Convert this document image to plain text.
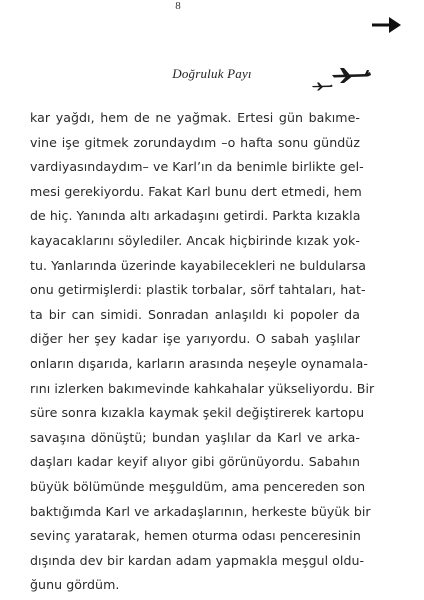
8
Doğruluk Payı
kar yağdı, hem de ne yağmak. Ertesi gün bakıme-
vine işe gitmek zorundaydım –o hafta sonu gündüz
vardiyasındaydım– ve Karl’ın da benimle birlikte gel-
mesi gerekiyordu. Fakat Karl bunu dert etmedi, hem
de hiç. Yanında altı arkadaşını getirdi. Parkta kızakla
kayacaklarını söylediler. Ancak hiçbirinde kızak yok-
tu. Yanlarında üzerinde kayabilecekleri ne buldularsa
onu getirmişlerdi: plastik torbalar, sörf tahtaları, hat-
ta bir can simidi. Sonradan anlaşıldı ki popoler da
diğer her şey kadar işe yarıyordu. O sabah yaşlılar
onların dışarıda, karların arasında neşeyle oynamala-
rını izlerken bakımevinde kahkahalar yükseliyordu. Bir
süre sonra kızakla kaymak şekil değiştirerek kartopu
savaşına dönüştü; bundan yaşlılar da Karl ve arka-
daşları kadar keyif alıyor gibi görünüyordu. Sabahın
büyük bölümünde meşguldüm, ama pencereden son
baktığımda Karl ve arkadaşlarının, herkeste büyük bir
sevinç yaratarak, hemen oturma odası penceresinin
dışında dev bir kardan adam yapmakla meşgul oldu-
ğunu gördüm.
